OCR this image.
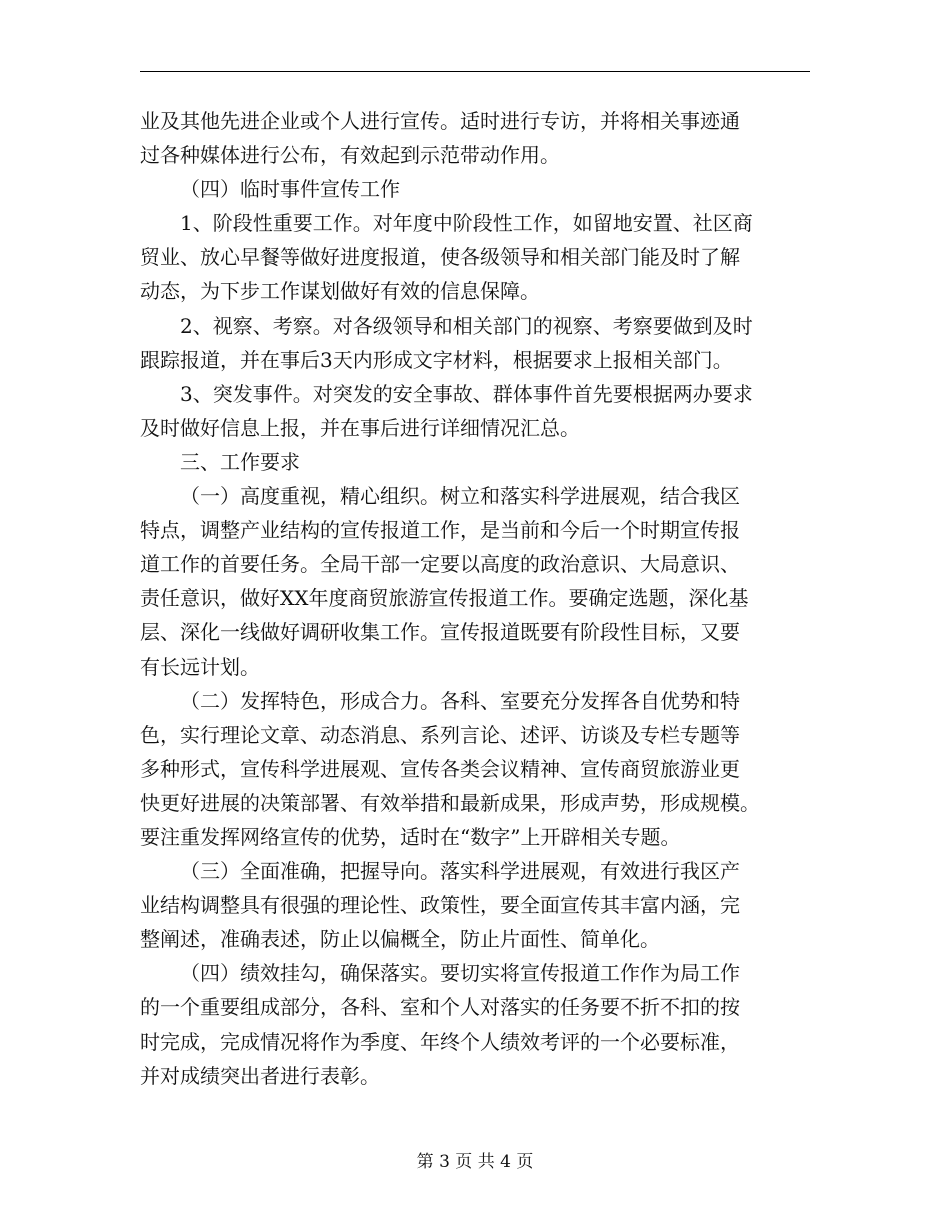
业及其他先进企业或个人进行宣传。适时进行专访，并将相关事迹通
过各种媒体进行公布，有效起到示范带动作用。
（四）临时事件宣传工作
1、阶段性重要工作。对年度中阶段性工作，如留地安置、社区商
贸业、放心早餐等做好进度报道，使各级领导和相关部门能及时了解
动态，为下步工作谋划做好有效的信息保障。
2、视察、考察。对各级领导和相关部门的视察、考察要做到及时
跟踪报道，并在事后3天内形成文字材料，根据要求上报相关部门。
3、突发事件。对突发的安全事故、群体事件首先要根据两办要求
及时做好信息上报，并在事后进行详细情况汇总。
三、工作要求
（一）高度重视，精心组织。树立和落实科学进展观，结合我区
特点，调整产业结构的宣传报道工作，是当前和今后一个时期宣传报
道工作的首要任务。全局干部一定要以高度的政治意识、大局意识、
责任意识，做好XX年度商贸旅游宣传报道工作。要确定选题，深化基
层、深化一线做好调研收集工作。宣传报道既要有阶段性目标，又要
有长远计划。
（二）发挥特色，形成合力。各科、室要充分发挥各自优势和特
色，实行理论文章、动态消息、系列言论、述评、访谈及专栏专题等
多种形式，宣传科学进展观、宣传各类会议精神、宣传商贸旅游业更
快更好进展的决策部署、有效举措和最新成果，形成声势，形成规模。
要注重发挥网络宣传的优势，适时在“数字”上开辟相关专题。
（三）全面准确，把握导向。落实科学进展观，有效进行我区产
业结构调整具有很强的理论性、政策性，要全面宣传其丰富内涵，完
整阐述，准确表述，防止以偏概全，防止片面性、简单化。
（四）绩效挂勾，确保落实。要切实将宣传报道工作作为局工作
的一个重要组成部分，各科、室和个人对落实的任务要不折不扣的按
时完成，完成情况将作为季度、年终个人绩效考评的一个必要标准，
并对成绩突出者进行表彰。
第 3 页 共 4 页
